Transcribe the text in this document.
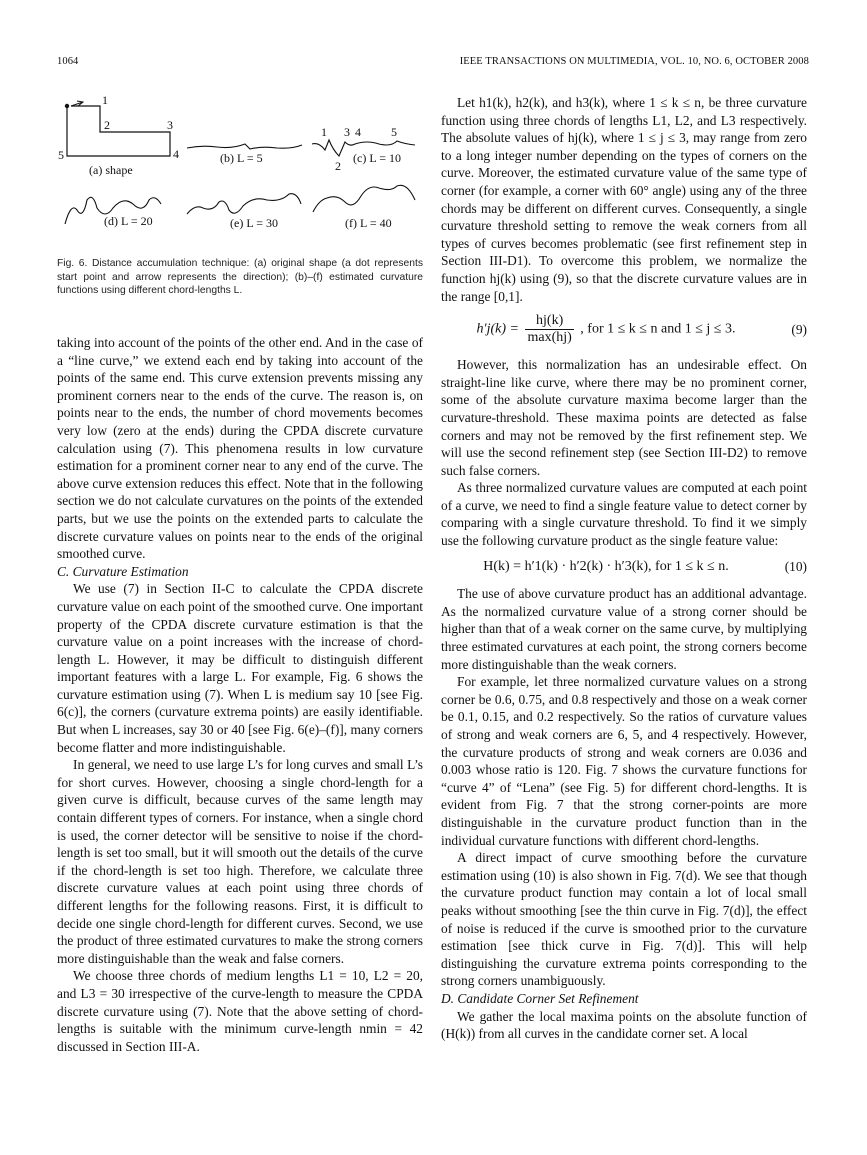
1064	IEEE TRANSACTIONS ON MULTIMEDIA, VOL. 10, NO. 6, OCTOBER 2008
1
2	3
4
5
(a) shape
(b) L = 5
1
2
3 4	5
(c) L = 10
(d) L = 20	(e) L = 30	(f) L = 40
Fig. 6. Distance accumulation technique: (a) original shape (a dot represents start point and arrow represents the direction); (b)–(f) estimated curvature functions using different chord-lengths L.

taking into account of the points of the other end. And in the case of a “line curve,” we extend each end by taking into account of the points of the same end. This curve extension prevents missing any prominent corners near to the ends of the curve. The reason is, on points near to the ends, the number of chord movements becomes very low (zero at the ends) during the CPDA discrete curvature calculation using (7). This phenomena results in low curvature estimation for a prominent corner near to any end of the curve. The above curve extension reduces this effect. Note that in the following section we do not calculate curvatures on the points of the extended parts, but we use the points on the extended parts to calculate the discrete curvature values on points near to the ends of the original smoothed curve.

C. Curvature Estimation

We use (7) in Section II-C to calculate the CPDA discrete curvature value on each point of the smoothed curve. One important property of the CPDA discrete curvature estimation is that the curvature value on a point increases with the increase of chord-length L. However, it may be difficult to distinguish different important features with a large L. For example, Fig. 6 shows the curvature estimation using (7). When L is medium say 10 [see Fig. 6(c)], the corners (curvature extrema points) are easily identifiable. But when L increases, say 30 or 40 [see Fig. 6(e)–(f)], many corners become flatter and more indistinguishable.

In general, we need to use large L’s for long curves and small L’s for short curves. However, choosing a single chord-length for a given curve is difficult, because curves of the same length may contain different types of corners. For instance, when a single chord is used, the corner detector will be sensitive to noise if the chord-length is set too small, but it will smooth out the details of the curve if the chord-length is set too high. Therefore, we calculate three discrete curvature values at each point using three chords of different lengths for the following reasons. First, it is difficult to decide one single chord-length for different curves. Second, we use the product of three estimated curvatures to make the strong corners more distinguishable than the weak and false corners.

We choose three chords of medium lengths L1 = 10, L2 = 20, and L3 = 30 irrespective of the curve-length to measure the CPDA discrete curvature using (7). Note that the above setting of chord-lengths is suitable with the minimum curve-length nmin = 42 discussed in Section III-A.

Let h1(k), h2(k), and h3(k), where 1 ≤ k ≤ n, be three curvature function using three chords of lengths L1, L2, and L3 respectively. The absolute values of hj(k), where 1 ≤ j ≤ 3, may range from zero to a long integer number depending on the types of corners on the curve. Moreover, the estimated curvature value of the same type of corner (for example, a corner with 60° angle) using any of the three chords may be different on different curves. Consequently, a single curvature threshold setting to remove the weak corners from all types of curves becomes problematic (see first refinement step in Section III-D1). To overcome this problem, we normalize the function hj(k) using (9), so that the discrete curvature values are in the range [0,1].

$h'j(k) = \frac{hj(k)}{\max(hj)}$ , for 1 ≤ k ≤ n and 1 ≤ j ≤ 3.	(9)

However, this normalization has an undesirable effect. On straight-line like curve, where there may be no prominent corner, some of the absolute curvature maxima become larger than the curvature-threshold. These maxima points are detected as false corners and may not be removed by the first refinement step. We will use the second refinement step (see Section III-D2) to remove such false corners.

As three normalized curvature values are computed at each point of a curve, we need to find a single feature value to detect corner by comparing with a single curvature threshold. To find it we simply use the following curvature product as the single feature value:

H(k) = h′1(k) · h′2(k) · h′3(k), for 1 ≤ k ≤ n.	(10)

The use of above curvature product has an additional advantage. As the normalized curvature value of a strong corner should be higher than that of a weak corner on the same curve, by multiplying three estimated curvatures at each point, the strong corners become more distinguishable than the weak corners.

For example, let three normalized curvature values on a strong corner be 0.6, 0.75, and 0.8 respectively and those on a weak corner be 0.1, 0.15, and 0.2 respectively. So the ratios of curvature values of strong and weak corners are 6, 5, and 4 respectively. However, the curvature products of strong and weak corners are 0.036 and 0.003 whose ratio is 120. Fig. 7 shows the curvature functions for “curve 4” of “Lena” (see Fig. 5) for different chord-lengths. It is evident from Fig. 7 that the strong corner-points are more distinguishable in the curvature product function than in the individual curvature functions with different chord-lengths.

A direct impact of curve smoothing before the curvature estimation using (10) is also shown in Fig. 7(d). We see that though the curvature product function may contain a lot of local small peaks without smoothing [see the thin curve in Fig. 7(d)], the effect of noise is reduced if the curve is smoothed prior to the curvature estimation [see thick curve in Fig. 7(d)]. This will help distinguishing the curvature extrema points corresponding to the strong corners unambiguously.

D. Candidate Corner Set Refinement

We gather the local maxima points on the absolute function of (H(k)) from all curves in the candidate corner set. A local
